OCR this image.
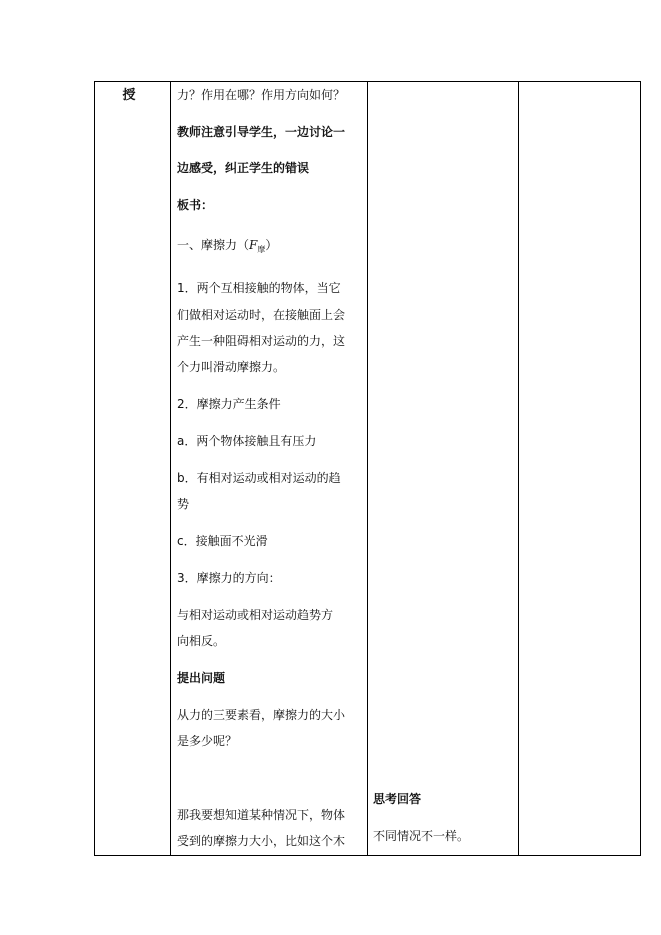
授	力？作用在哪？作用方向如何？
教师注意引导学生，一边讨论一
边感受，纠正学生的错误
板书：
一、摩擦力$(F_摩)$
1．两个互相接触的物体，当它
们做相对运动时，在接触面上会
产生一种阻碍相对运动的力，这
个力叫滑动摩擦力。
2．摩擦力产生条件
a．两个物体接触且有压力
b．有相对运动或相对运动的趋
势
c．接触面不光滑
3．摩擦力的方向：
与相对运动或相对运动趋势方
向相反。
提出问题
从力的三要素看，摩擦力的大小
是多少呢？
那我要想知道某种情况下，物体
受到的摩擦力大小，比如这个木
思考回答
不同情况不一样。
